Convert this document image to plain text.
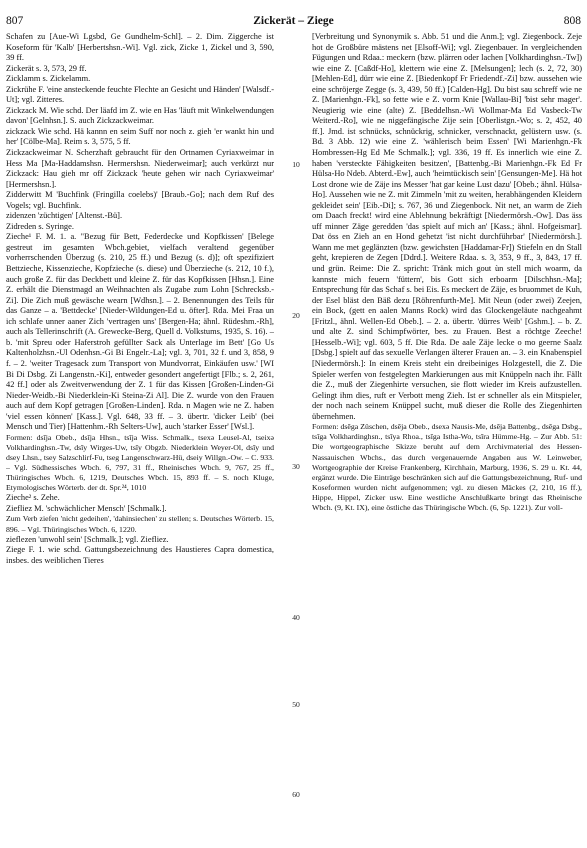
807	Zickerät – Ziege	808

Schafen zu [Aue-Wi Lgsbd, Ge Gundhelm-Schl]. – 2. Dim. Ziggerche ist Koseform für 'Kalb' [Herbertshsn.-Wi]. Vgl. zick, Zicke 1, Zickel und 3, 590, 39 ff.

Zickerät s. 3, 573, 29 ff.

Zicklamm s. Zickelamm.

Zickrühe F. 'eine ansteckende feuchte Flechte an Gesicht und Händen' [Walsdf.-Ut]; vgl. Zitteres.

Zickzack M. Wie schd. Der läafd im Z. wie en Has 'läuft mit Winkelwendungen davon' [Gelnhsn.]. S. auch Zickzackweimar.

zickzack Wie schd. Hä kannn en seim Suff nor noch z. gieh 'er wankt hin und her' [Cölbe-Ma]. Reim s. 3, 575, 5 ff.

Zickzackweimar N. Scherzhaft gebraucht für den Ortnamen Cyriaxweimar in Hess Ma [Ma-Haddamshsn. Hermershsn. Niederweimar]; auch verkürzt nur Zickzack: Hau gieh mr off Zickzack 'heute gehen wir nach Cyriaxweimar' [Hermershsn.].

Zidderwitt M 'Buchfink (Fringilla coelebs)' [Braub.-Go]; nach dem Ruf des Vogels; vgl. Buchfink.

zidenzen 'züchtigen' [Altenst.-Bü].

Zidreden s. Syringe.

Zieche¹ F. M. 1. a. "Bezug für Bett, Federdecke und Kopfkissen' [Belege gestreut im gesamten Wbch.gebiet, vielfach veraltend gegenüber vorherrschenden Überzug (s. 210, 25 ff.) und Bezug (s. d)]; oft spezifiziert Bettzieche, Kissenzieche, Kopfzieche (s. diese) und Überzieche (s. 212, 10 f.), auch große Z. für das Deckbett und kleine Z. für das Kopfkissen [Hhsn.]. Eine Z. erhält die Dienstmagd an Weihnachten als Zugabe zum Lohn [Schrecksb.-Zi]. Die Zich muß gewäsche wearn [Wdhsn.]. – 2. Benennungen des Teils für das Ganze – a. 'Bettdecke' [Nieder-Wildungen-Ed u. öfter]. Rda. Mei Fraa un ich schlafe unner aaner Zich 'vertragen uns' [Bergen-Ha; ähnl. Rüdeshm.-Rh], auch als Tellerinschrift (A. Grewecke-Berg, Quell d. Volkstums, 1935, S. 16). – b. 'mit Spreu oder Haferstroh gefüllter Sack als Unterlage im Bett' [Go Us Kaltenholzhsn.-Ul Odenhsn.-Gi Bi Engelr.-La]; vgl. 3, 701, 32 f. und 3, 858, 9 f. – 2. 'weiter Tragesack zum Transport von Mundvorrat, Einkäufen usw.' [WI Bi Di Dsbg. Zi Langenstn.-Ki], entweder gesondert angefertigt [Flb.; s. 2, 261, 42 ff.] oder als Zweitverwendung der Z. 1 für das Kissen [Großen-Linden-Gi Nieder-Weidb.-Bi Niederklein-Ki Steina-Zi Al]. Die Z. wurde von den Frauen auch auf dem Kopf getragen [Großen-Linden]. Rda. n Magen wie ne Z. haben 'viel essen können' [Kass.]. Vgl. 648, 33 ff. – 3. übertr. 'dicker Leib' (bei Mensch und Tier) [Hattenhm.-Rh Selters-Uw], auch 'starker Esser' [Wsl.].

Formen: dsīja Obeb., dsīja Hhsn., tsīja Wiss. Schmalk., tsexə Leusel-Al, tseixə Volkhardinghsn.-Tw, dsīy Wirges-Uw, tsīy Obgzb. Niederklein Weyer-Ol, dsīy und dsey Lhsn., tsey Salzschlirf-Fu, tseg Langenschwarz-Hü, dseiy Willgn.-Ow. – C. 933. – Vgl. Südhessisches Wbch. 6, 797, 31 ff., Rheinisches Wbch. 9, 767, 25 ff., Thüringisches Wbch. 6, 1219, Deutsches Wbch. 15, 893 ff. – S. noch Kluge, Etymologisches Wörterb. der dt. Spr.²⁴, 1010

Zieche² s. Zehe.

Ziefliez M. 'schwächlicher Mensch' [Schmalk.].

Zum Verb ziefen 'nicht gedeihen', 'dahinsiechen' zu stellen; s. Deutsches Wörterb. 15, 896. – Vgl. Thüringisches Wbch. 6, 1220.

zieflezen 'unwohl sein' [Schmalk.]; vgl. Ziefliez.

Ziege F. 1. wie schd. Gattungsbezeichnung des Haustieres Capra domestica, insbes. des weiblichen Tieres

10
20
30
40
50
60

[Verbreitung und Synonymik s. Abb. 51 und die Anm.]; vgl. Ziegenbock. Zeje hot de Großbüre mästens net [Elsoff-Wi]; vgl. Ziegenbauer. In vergleichenden Fügungen und Rdaa.: meckern (bzw. plärren oder lachen [Volkhardinghsn.-Tw]) wie eine Z. [Caßdf-Ho], klettern wie eine Z. [Melsungen]; lech (s. 2, 72, 30) [Mehlen-Ed], dürr wie eine Z. [Biedenkopf Fr Friedendf.-Zi] bzw. aussehen wie eine schröjerge Zegge (s. 3, 439, 50 ff.) [Calden-Hg]. Du bist sau schreff wie ne Z. [Marienhgn.-Fk], so fette wie e Z. vorm Knie [Wallau-Bi] 'bist sehr mager'. Neugierig wie eine (alte) Z. [Beddelhsn.-Wi Wollmar-Ma Ed Vasbeck-Tw Weiterd.-Ro], wie ne niggefängische Zije sein [Oberlistgn.-Wo; s. 2, 452, 40 ff.]. Jmd. ist schnücks, schnückrig, schnicker, verschnackt, gelüstern usw. (s. Bd. 3 Abb. 12) wie eine Z. 'wählerisch beim Essen' [Wi Marienhgn.-Fk Hombressen-Hg Ed Me Schmalk.]; vgl. 336, 19 ff. Es innerlich wie eine Z. haben 'versteckte Fähigkeiten besitzen', [Battenbg.-Bi Marienhgn.-Fk Ed Fr Hülsa-Ho Ndeb. Abterd.-Ew], auch 'heimtückisch sein' [Gensungen-Me]. Hä hot Lost drone wie de Zäje ins Messer 'hat gar keine Lust dazu' [Obeb.; ähnl. Hülsa-Ho]. Aussehen wie ne Z. mit Zimmeln 'mit zu weiten, herabhängenden Kleidern gekleidet sein' [Eib.-Di]; s. 767, 36 und Ziegenbock. Nit net, an warm de Zieh om Daach freckt! wird eine Ablehnung bekräftigt [Niedermörsh.-Ow]. Das äss uff minner Zäge geredden 'das spielt auf mich an' [Kass.; ähnl. Hofgeismar]. Dat öss en Zieh an en Hond gehetzt 'ist nicht durchführbar' [Niedermörsh.]. Wann me met geglänzten (bzw. gewichsten [Haddamar-Fr]) Stiefeln en dn Stall geht, krepieren de Zegen [Ddrd.]. Weitere Rdaa. s. 3, 353, 9 ff., 3, 843, 17 ff. und grün. Reime: Die Z. spricht: Tränk mich gout ùn stell mich woarm, da kannste mich feuern 'füttern', bis Gott sich erboarm [Dilschhsn.-Ma]; Entsprechung für das Schaf s. bei Eis. Es meckert de Zäje, es bruommet de Kuh, der Esel bläst den Bäß dezu [Röhrenfurth-Me]. Mit Neun (oder zwei) Zeejen, ein Bock, (gett en aalen Manns Rock) wird das Glockengeläute nachgeahmt [Fritzl., ähnl. Wellen-Ed Obeb.]. – 2. a. übertr. 'dürres Weib' [Gshm.]. – b. Z. und alte Z. sind Schimpfwörter, bes. zu Frauen. Best a röchtge Zeeche! [Hesselb.-Wi]; vgl. 603, 5 ff. Die Rda. De aale Zäje lecke o mo geerne Saalz [Dsbg.] spielt auf das sexuelle Verlangen älterer Frauen an. – 3. ein Knabenspiel [Niedermörsh.]: In einem Kreis steht ein dreibeiniges Holzgestell, die Z. Die Spieler werfen von festgelegten Markierungen aus mit Knüppeln nach ihr. Fällt die Z., muß der Ziegenhirte versuchen, sie flott wieder im Kreis aufzustellen. Gelingt ihm dies, ruft er Verbott meng Zieh. Ist er schneller als ein Mitspieler, der noch nach seinem Knüppel sucht, muß dieser die Rolle des Ziegenhirten übernehmen.

Formen: dsēga Züschen, dsēja Obeb., dsexə Nausis-Me, dsēja Battenbg., dsēga Dsbg., tsīga Volkhardinghsn., tsīya Rhoa., tsīga Istha-Wo, tsīra Hümme-Hg. – Zur Abb. 51: Die wortgeographische Skizze beruht auf dem Archivmaterial des Hessen-Nassauischen Wbchs., das durch vergenauernde Angaben aus W. Leinweber, Wortgeographie der Kreise Frankenberg, Kirchhain, Marburg, 1936, S. 29 u. Kt. 44, ergänzt wurde. Die Einträge beschränken sich auf die Gattungsbezeichnung, Ruf- und Koseformen wurden nicht aufgenommen; vgl. zu diesen Mäckes (2, 210, 16 ff.), Hippe, Hippel, Zicker usw. Eine westliche Anschlußkarte bringt das Rheinische Wbch. (9, Kt. IX), eine östliche das Thüringische Wbch. (6, Sp. 1221). Zur voll-
